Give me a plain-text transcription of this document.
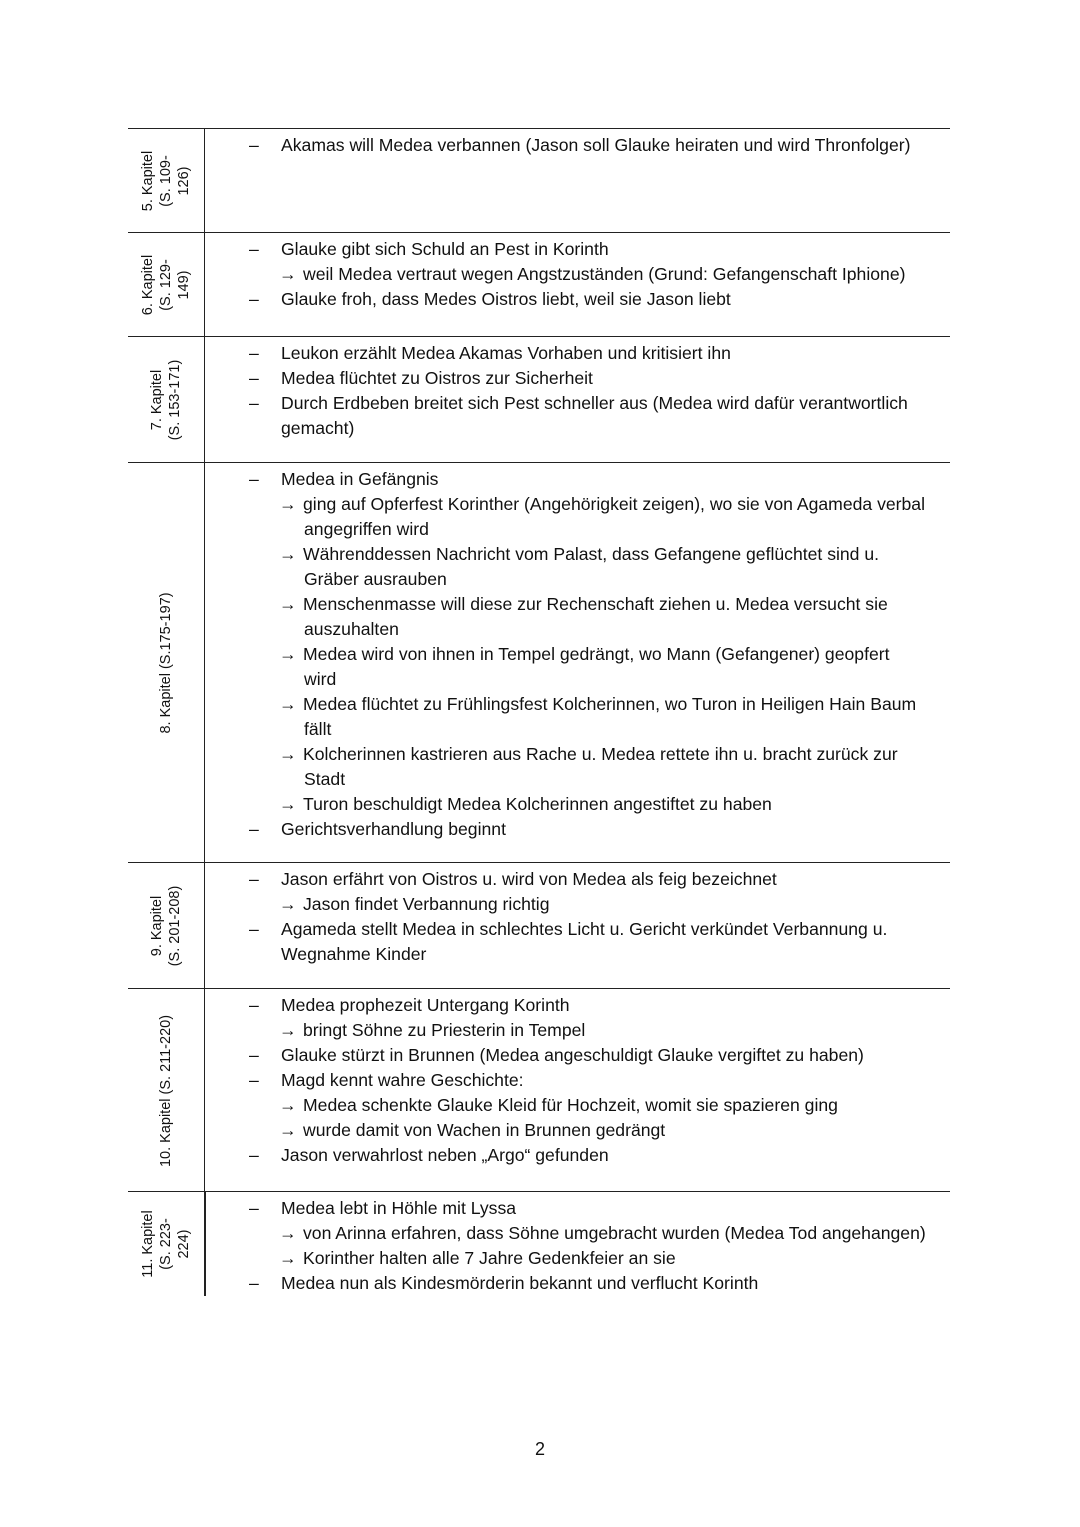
5. Kapitel (S. 109- 126)
– Akamas will Medea verbannen (Jason soll Glauke heiraten und wird Thronfolger)
6. Kapitel (S. 129- 149)
– Glauke gibt sich Schuld an Pest in Korinth
→ weil Medea vertraut wegen Angstzuständen (Grund: Gefangenschaft Iphione)
– Glauke froh, dass Medes Oistros liebt, weil sie Jason liebt
7. Kapitel (S. 153-171)
– Leukon erzählt Medea Akamas Vorhaben und kritisiert ihn
– Medea flüchtet zu Oistros zur Sicherheit
– Durch Erdbeben breitet sich Pest schneller aus (Medea wird dafür verantwortlich
gemacht)
8. Kapitel (S.175-197)
– Medea in Gefängnis
→ ging auf Opferfest Korinther (Angehörigkeit zeigen), wo sie von Agameda verbal
angegriffen wird
→ Währenddessen Nachricht vom Palast, dass Gefangene geflüchtet sind u.
Gräber ausrauben
→ Menschenmasse will diese zur Rechenschaft ziehen u. Medea versucht sie
auszuhalten
→ Medea wird von ihnen in Tempel gedrängt, wo Mann (Gefangener) geopfert
wird
→ Medea flüchtet zu Frühlingsfest Kolcherinnen, wo Turon in Heiligen Hain Baum
fällt
→ Kolcherinnen kastrieren aus Rache u. Medea rettete ihn u. bracht zurück zur
Stadt
→ Turon beschuldigt Medea Kolcherinnen angestiftet zu haben
– Gerichtsverhandlung beginnt
9. Kapitel (S. 201-208)
– Jason erfährt von Oistros u. wird von Medea als feig bezeichnet
→ Jason findet Verbannung richtig
– Agameda stellt Medea in schlechtes Licht u. Gericht verkündet Verbannung u.
Wegnahme Kinder
10. Kapitel (S. 211-220)
– Medea prophezeit Untergang Korinth
→ bringt Söhne zu Priesterin in Tempel
– Glauke stürzt in Brunnen (Medea angeschuldigt Glauke vergiftet zu haben)
– Magd kennt wahre Geschichte:
→ Medea schenkte Glauke Kleid für Hochzeit, womit sie spazieren ging
→ wurde damit von Wachen in Brunnen gedrängt
– Jason verwahrlost neben „Argo“ gefunden
11. Kapitel (S. 223- 224)
– Medea lebt in Höhle mit Lyssa
→ von Arinna erfahren, dass Söhne umgebracht wurden (Medea Tod angehangen)
→ Korinther halten alle 7 Jahre Gedenkfeier an sie
– Medea nun als Kindesmörderin bekannt und verflucht Korinth
2
